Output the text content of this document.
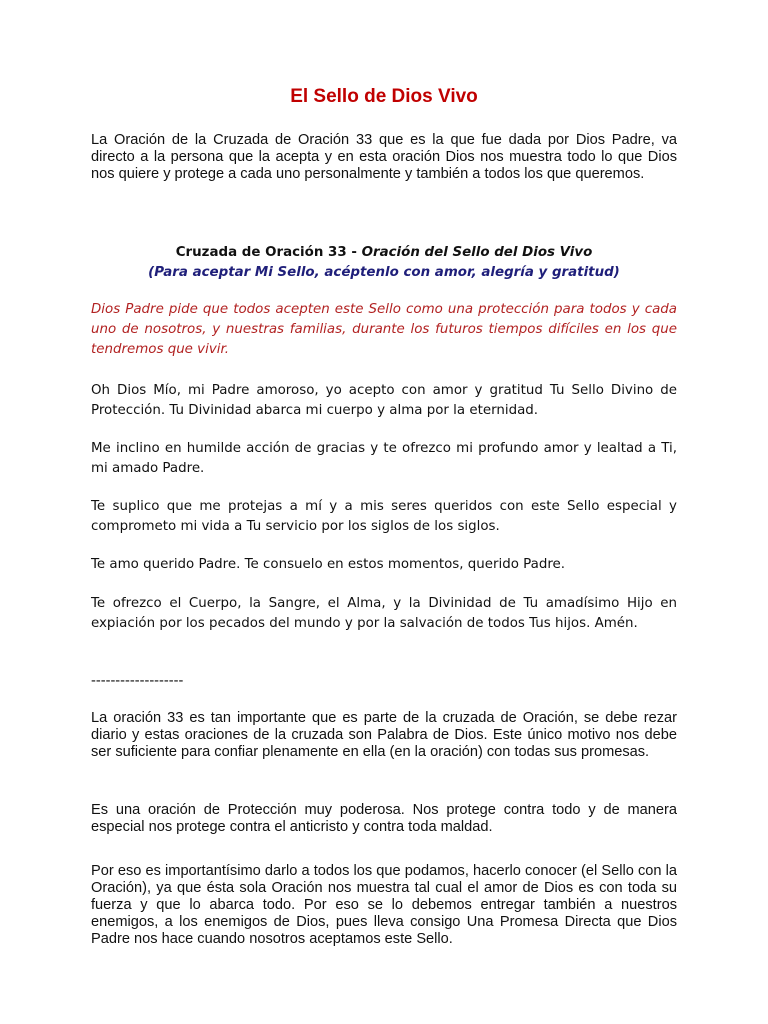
El Sello de Dios Vivo

La Oración de la Cruzada de Oración 33 que es la que fue dada por Dios Padre, va directo a la persona que la acepta y en esta oración Dios nos muestra todo lo que Dios nos quiere y protege a cada uno personalmente y también a todos los que queremos.

Cruzada de Oración 33 - Oración del Sello del Dios Vivo
(Para aceptar Mi Sello, acéptenlo con amor, alegría y gratitud)

Dios Padre pide que todos acepten este Sello como una protección para todos y cada uno de nosotros, y nuestras familias, durante los futuros tiempos difíciles en los que tendremos que vivir.

Oh Dios Mío, mi Padre amoroso, yo acepto con amor y gratitud Tu Sello Divino de Protección. Tu Divinidad abarca mi cuerpo y alma por la eternidad.

Me inclino en humilde acción de gracias y te ofrezco mi profundo amor y lealtad a Ti, mi amado Padre.

Te suplico que me protejas a mí y a mis seres queridos con este Sello especial y comprometo mi vida a Tu servicio por los siglos de los siglos.

Te amo querido Padre. Te consuelo en estos momentos, querido Padre.

Te ofrezco el Cuerpo, la Sangre, el Alma, y la Divinidad de Tu amadísimo Hijo en expiación por los pecados del mundo y por la salvación de todos Tus hijos. Amén.

-------------------

La oración 33 es tan importante que es parte de la cruzada de Oración, se debe rezar diario y estas oraciones de la cruzada son Palabra de Dios. Este único motivo nos debe ser suficiente para confiar plenamente en ella (en la oración) con todas sus promesas.

Es una oración de Protección muy poderosa. Nos protege contra todo y de manera especial nos protege contra el anticristo y contra toda maldad.

Por eso es importantísimo darlo a todos los que podamos, hacerlo conocer (el Sello con la Oración), ya que ésta sola Oración nos muestra tal cual el amor de Dios es con toda su fuerza y que lo abarca todo. Por eso se lo debemos entregar también a nuestros enemigos, a los enemigos de Dios, pues lleva consigo Una Promesa Directa que Dios Padre nos hace cuando nosotros aceptamos este Sello.
